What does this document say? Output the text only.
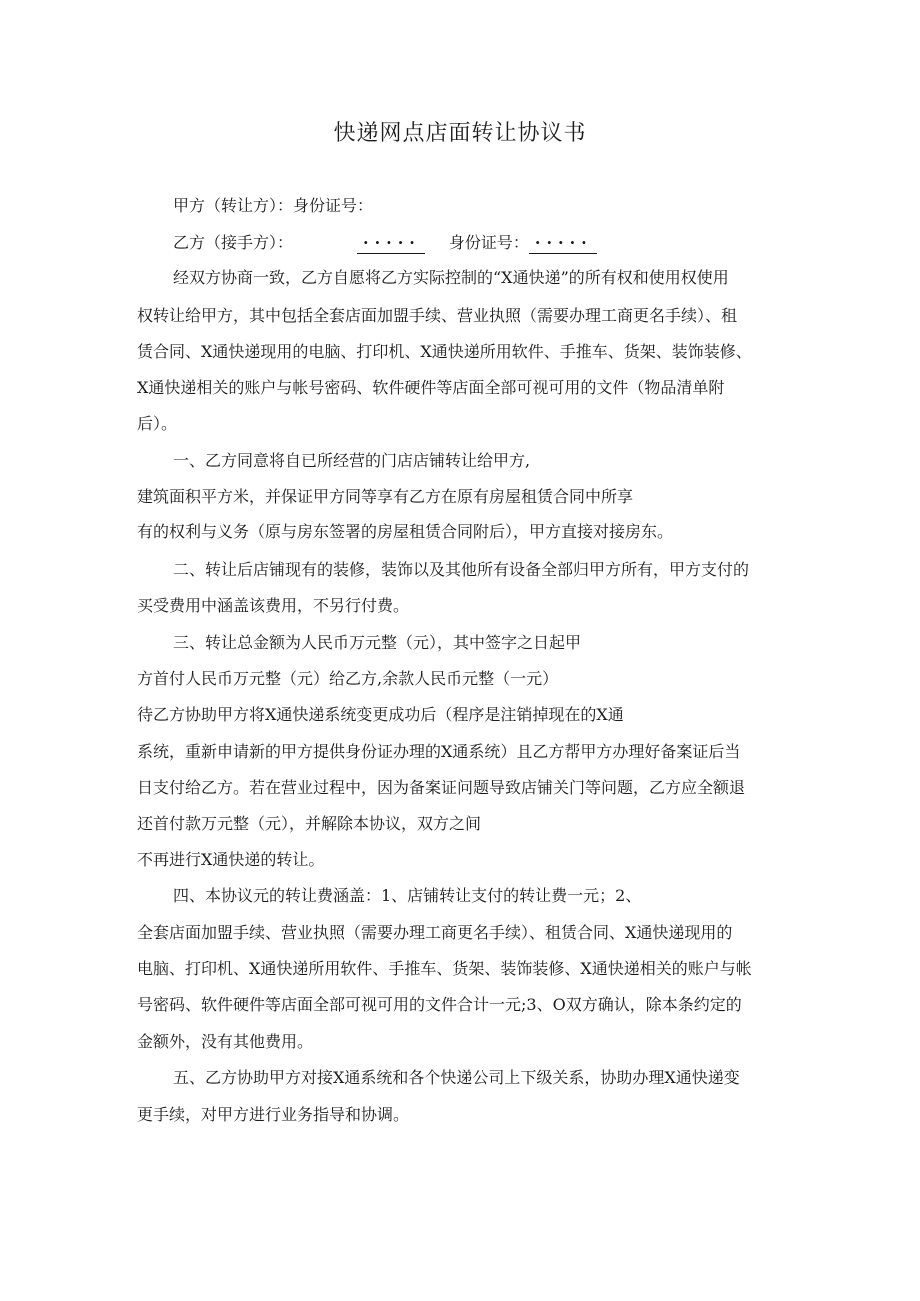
快递网点店面转让协议书
甲方（转让方）：身份证号：
乙方（接手方）：	····· 身份证号： ·····
经双方协商一致，乙方自愿将乙方实际控制的“X通快递”的所有权和使用权使用
权转让给甲方，其中包括全套店面加盟手续、营业执照（需要办理工商更名手续）、租
赁合同、X通快递现用的电脑、打印机、X通快递所用软件、手推车、货架、装饰装修、
X通快递相关的账户与帐号密码、软件硬件等店面全部可视可用的文件（物品清单附
后）。
一、乙方同意将自已所经营的门店店铺转让给甲方,
建筑面积平方米，并保证甲方同等享有乙方在原有房屋租赁合同中所享
有的权利与义务（原与房东签署的房屋租赁合同附后），甲方直接对接房东。
二、转让后店铺现有的装修，装饰以及其他所有设备全部归甲方所有，甲方支付的
买受费用中涵盖该费用，不另行付费。
三、转让总金额为人民币万元整（元），其中签字之日起甲
方首付人民币万元整（元）给乙方,余款人民币元整（一元）
待乙方协助甲方将X通快递系统变更成功后（程序是注销掉现在的X通
系统，重新申请新的甲方提供身份证办理的X通系统）且乙方帮甲方办理好备案证后当
日支付给乙方。若在营业过程中，因为备案证问题导致店铺关门等问题，乙方应全额退
还首付款万元整（元），并解除本协议，双方之间
不再进行X通快递的转让。
四、本协议元的转让费涵盖：1、店铺转让支付的转让费一元；2、
全套店面加盟手续、营业执照（需要办理工商更名手续）、租赁合同、X通快递现用的
电脑、打印机、X通快递所用软件、手推车、货架、装饰装修、X通快递相关的账户与帐
号密码、软件硬件等店面全部可视可用的文件合计一元;3、O双方确认，除本条约定的
金额外，没有其他费用。
五、乙方协助甲方对接X通系统和各个快递公司上下级关系，协助办理X通快递变
更手续，对甲方进行业务指导和协调。
